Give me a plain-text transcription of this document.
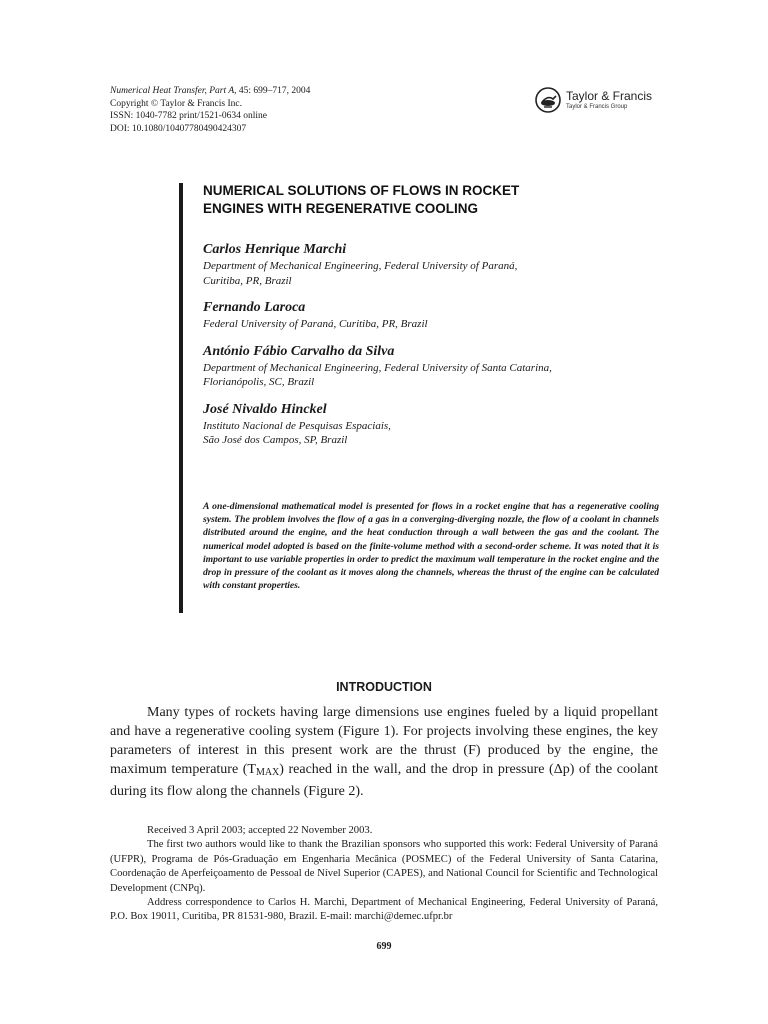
Numerical Heat Transfer, Part A, 45: 699–717, 2004
Copyright © Taylor & Francis Inc.
ISSN: 1040-7782 print/1521-0634 online
DOI: 10.1080/10407780490424307
Taylor & Francis
Taylor & Francis Group
NUMERICAL SOLUTIONS OF FLOWS IN ROCKET
ENGINES WITH REGENERATIVE COOLING
Carlos Henrique Marchi
Department of Mechanical Engineering, Federal University of Paraná,
Curitiba, PR, Brazil
Fernando Laroca
Federal University of Paraná, Curitiba, PR, Brazil
António Fábio Carvalho da Silva
Department of Mechanical Engineering, Federal University of Santa Catarina,
Florianópolis, SC, Brazil
José Nivaldo Hinckel
Instituto Nacional de Pesquisas Espaciais,
São José dos Campos, SP, Brazil
A one-dimensional mathematical model is presented for flows in a rocket engine that has a regenerative cooling system. The problem involves the flow of a gas in a converging-diverging nozzle, the flow of a coolant in channels distributed around the engine, and the heat conduction through a wall between the gas and the coolant. The numerical model adopted is based on the finite-volume method with a second-order scheme. It was noted that it is important to use variable properties in order to predict the maximum wall temperature in the rocket engine and the drop in pressure of the coolant as it moves along the channels, whereas the thrust of the engine can be calculated with constant properties.
INTRODUCTION

Many types of rockets having large dimensions use engines fueled by a liquid propellant and have a regenerative cooling system (Figure 1). For projects involving these engines, the key parameters of interest in this present work are the thrust (F) produced by the engine, the maximum temperature $(T_{MAX})$ reached in the wall, and the drop in pressure (Δp) of the coolant during its flow along the channels (Figure 2).

Received 3 April 2003; accepted 22 November 2003.

The first two authors would like to thank the Brazilian sponsors who supported this work: Federal University of Paraná (UFPR), Programa de Pós-Graduação em Engenharia Mecânica (POSMEC) of the Federal University of Santa Catarina, Coordenação de Aperfeiçoamento de Pessoal de Nível Superior (CAPES), and National Council for Scientific and Technological Development (CNPq).

Address correspondence to Carlos H. Marchi, Department of Mechanical Engineering, Federal University of Paraná, P.O. Box 19011, Curitiba, PR 81531-980, Brazil. E-mail: marchi@demec.ufpr.br

699
